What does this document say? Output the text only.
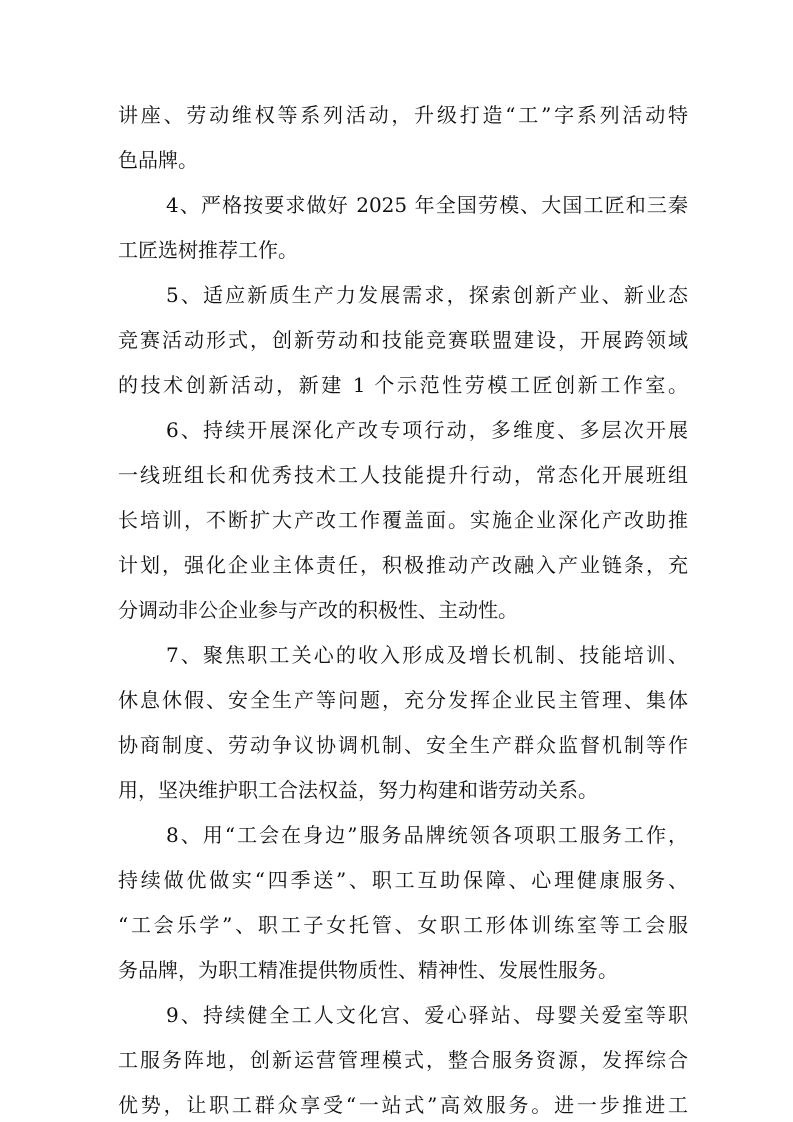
讲座、劳动维权等系列活动，升级打造“工”字系列活动特
色品牌。
4、严格按要求做好 2025 年全国劳模、大国工匠和三秦
工匠选树推荐工作。
5、适应新质生产力发展需求，探索创新产业、新业态
竞赛活动形式，创新劳动和技能竞赛联盟建设，开展跨领域
的技术创新活动，新建 1 个示范性劳模工匠创新工作室。
6、持续开展深化产改专项行动，多维度、多层次开展
一线班组长和优秀技术工人技能提升行动，常态化开展班组
长培训，不断扩大产改工作覆盖面。实施企业深化产改助推
计划，强化企业主体责任，积极推动产改融入产业链条，充
分调动非公企业参与产改的积极性、主动性。
7、聚焦职工关心的收入形成及增长机制、技能培训、
休息休假、安全生产等问题，充分发挥企业民主管理、集体
协商制度、劳动争议协调机制、安全生产群众监督机制等作
用，坚决维护职工合法权益，努力构建和谐劳动关系。
8、用“工会在身边”服务品牌统领各项职工服务工作，
持续做优做实“四季送”、职工互助保障、心理健康服务、
“工会乐学”、职工子女托管、女职工形体训练室等工会服
务品牌，为职工精准提供物质性、精神性、发展性服务。
9、持续健全工人文化宫、爱心驿站、母婴关爱室等职
工服务阵地，创新运营管理模式，整合服务资源，发挥综合
优势，让职工群众享受“一站式”高效服务。进一步推进工
